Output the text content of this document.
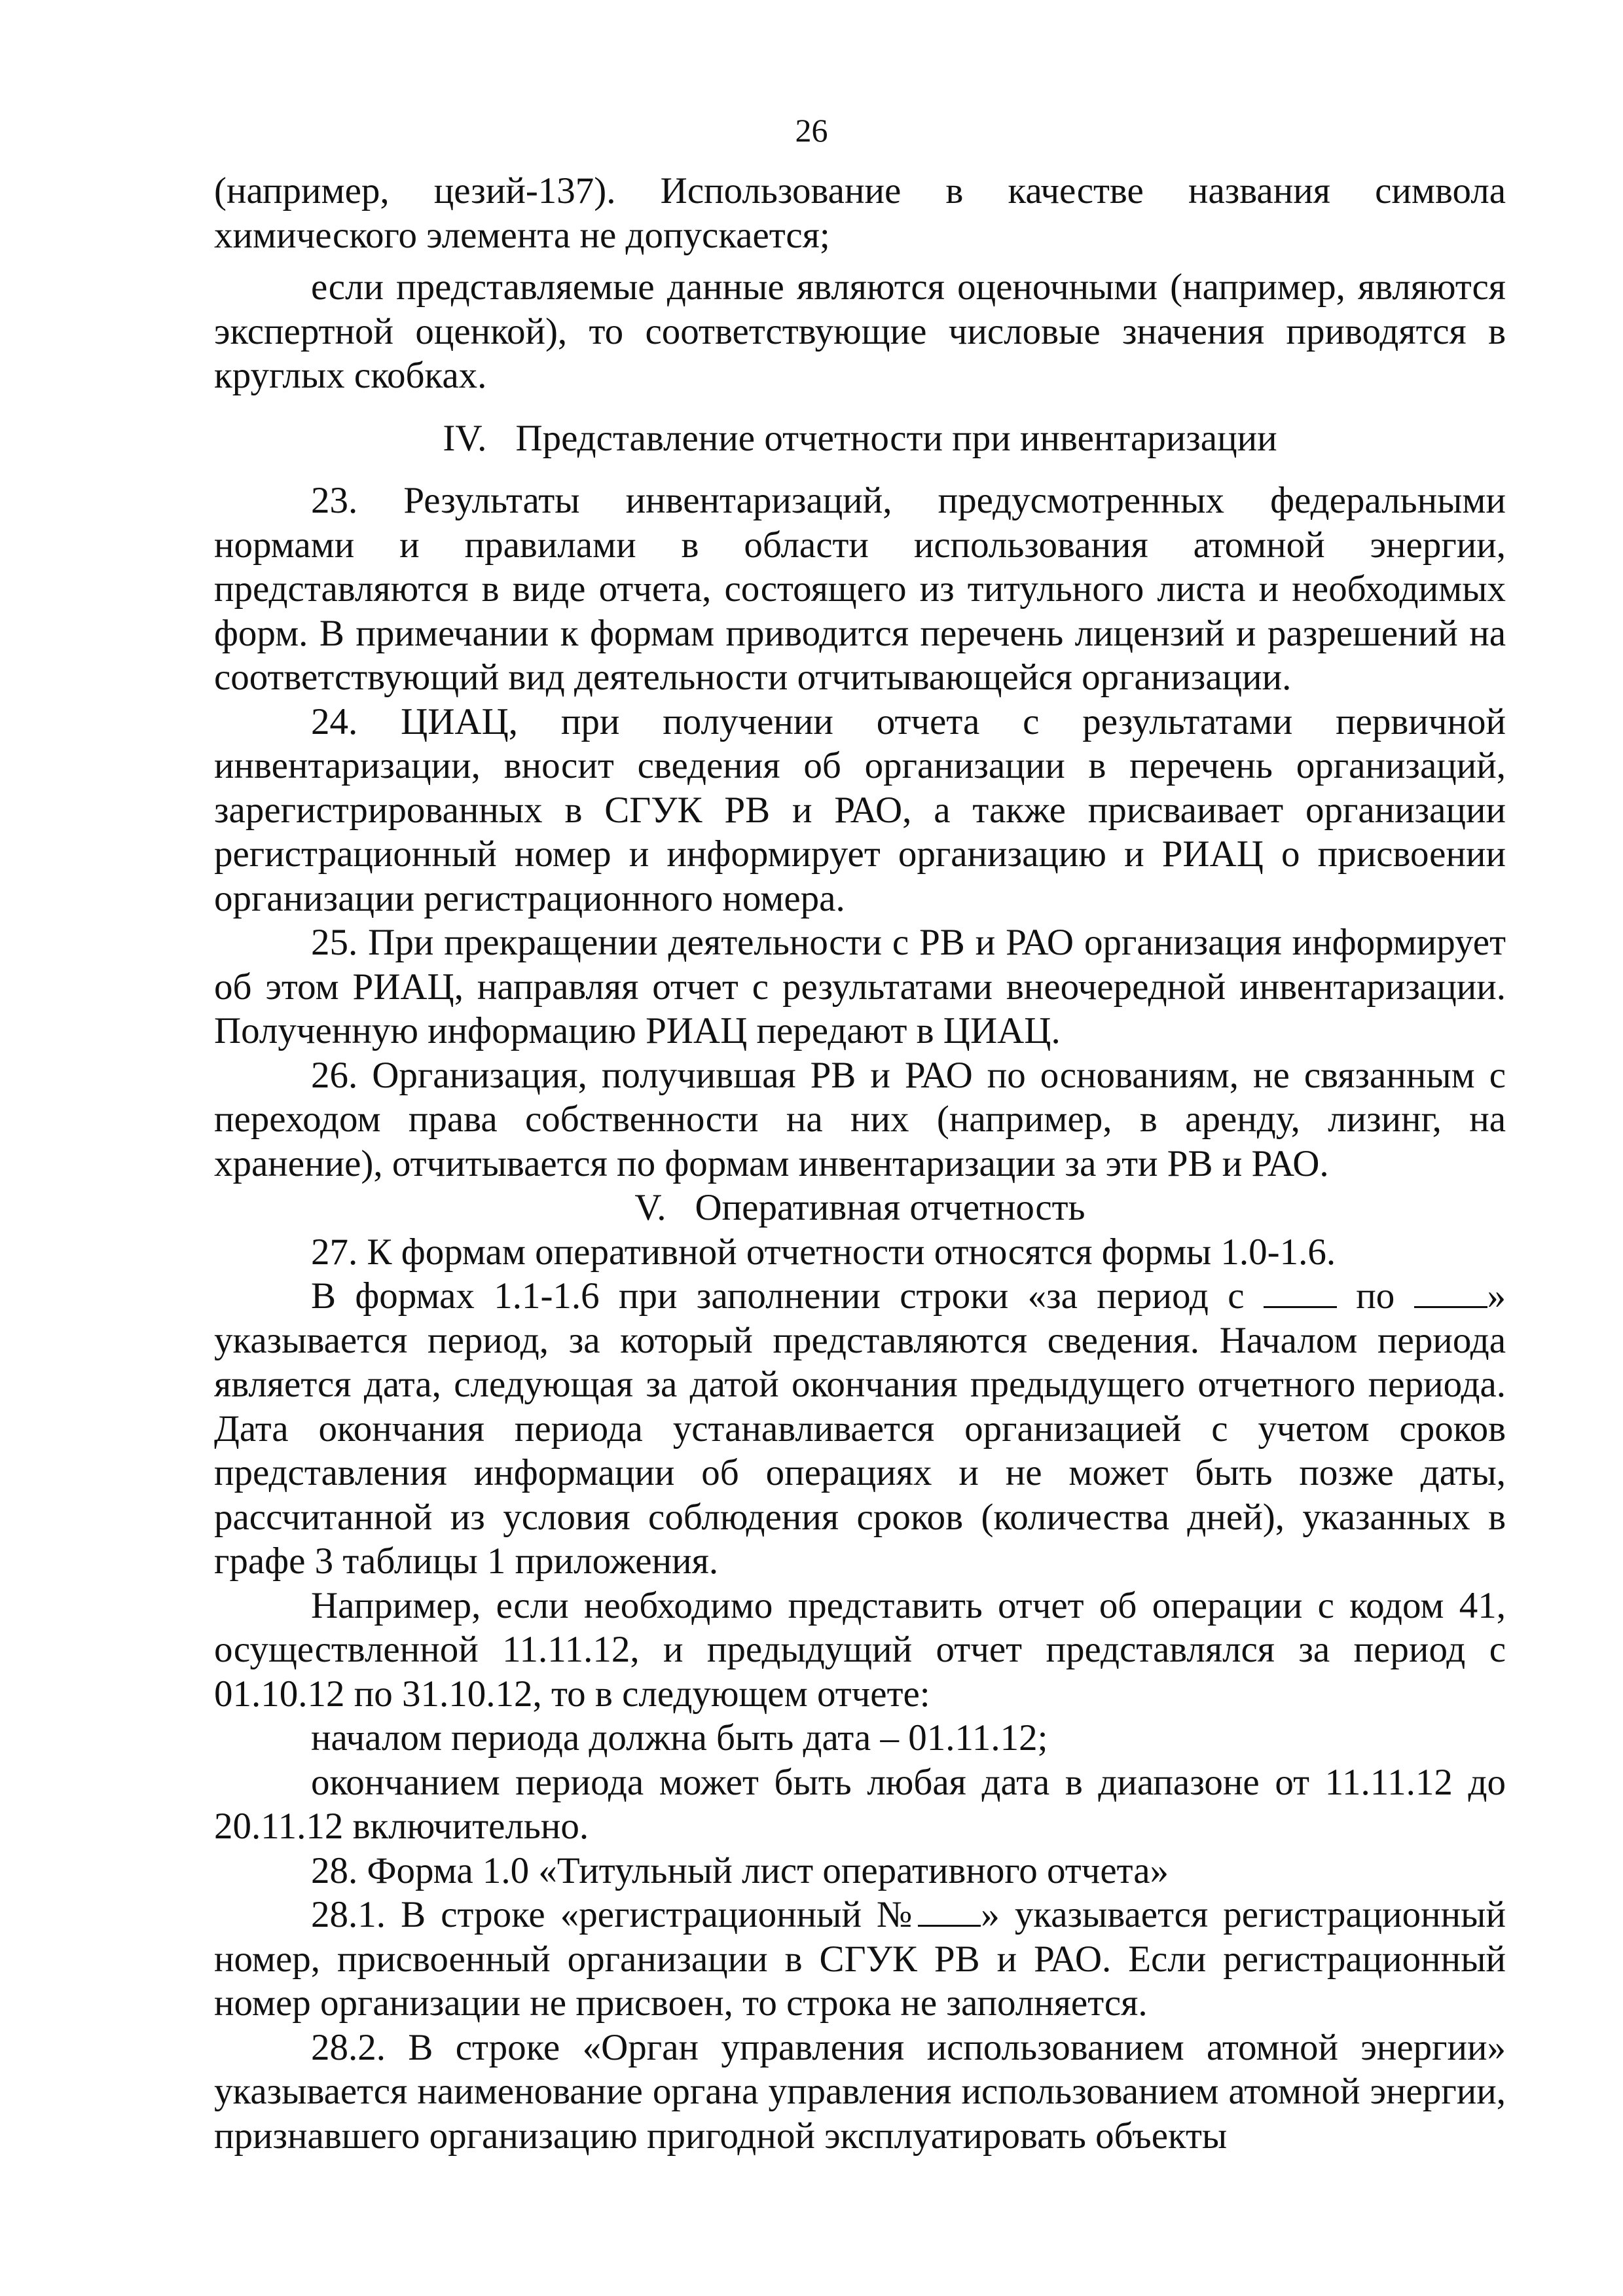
26

(например, цезий-137). Использование в качестве названия символа химического элемента не допускается;

если представляемые данные являются оценочными (например, являются экспертной оценкой), то соответствующие числовые значения приводятся в круглых скобках.

IV. Представление отчетности при инвентаризации

23. Результаты инвентаризаций, предусмотренных федеральными нормами и правилами в области использования атомной энергии, представляются в виде отчета, состоящего из титульного листа и необходимых форм. В примечании к формам приводится перечень лицензий и разрешений на соответствующий вид деятельности отчитывающейся организации.

24. ЦИАЦ, при получении отчета с результатами первичной инвентаризации, вносит сведения об организации в перечень организаций, зарегистрированных в СГУК РВ и РАО, а также присваивает организации регистрационный номер и информирует организацию и РИАЦ о присвоении организации регистрационного номера.

25. При прекращении деятельности с РВ и РАО организация информирует об этом РИАЦ, направляя отчет с результатами внеочередной инвентаризации. Полученную информацию РИАЦ передают в ЦИАЦ.

26. Организация, получившая РВ и РАО по основаниям, не связанным с переходом права собственности на них (например, в аренду, лизинг, на хранение), отчитывается по формам инвентаризации за эти РВ и РАО.

V. Оперативная отчетность

27. К формам оперативной отчетности относятся формы 1.0-1.6.

В формах 1.1-1.6 при заполнении строки «за период с	по » указывается период, за который представляются сведения. Началом периода является дата, следующая за датой окончания предыдущего отчетного периода. Дата окончания периода устанавливается организацией с учетом сроков представления информации об операциях и не может быть позже даты, рассчитанной из условия соблюдения сроков (количества дней), указанных в графе 3 таблицы 1 приложения.

Например, если необходимо представить отчет об операции с кодом 41, осуществленной 11.11.12, и предыдущий отчет представлялся за период с 01.10.12 по 31.10.12, то в следующем отчете:

началом периода должна быть дата – 01.11.12;

окончанием периода может быть любая дата в диапазоне от 11.11.12 до 20.11.12 включительно.

28. Форма 1.0 «Титульный лист оперативного отчета»

28.1. В строке «регистрационный № » указывается регистрационный номер, присвоенный организации в СГУК РВ и РАО. Если регистрационный номер организации не присвоен, то строка не заполняется.

28.2. В строке «Орган управления использованием атомной энергии» указывается наименование органа управления использованием атомной энергии, признавшего организацию пригодной эксплуатировать объекты
